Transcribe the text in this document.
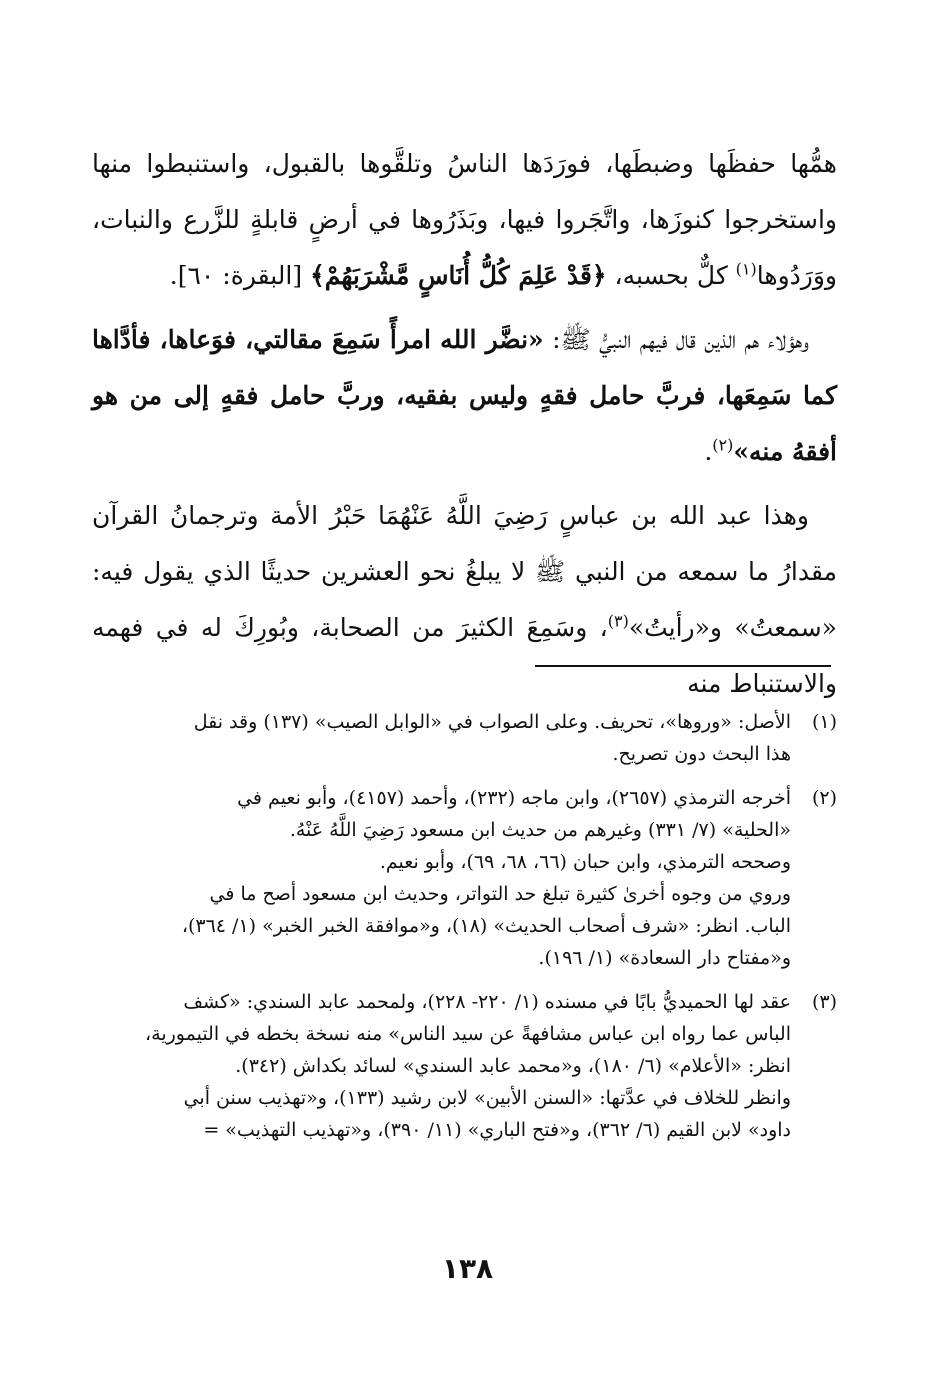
همُّها حفظَها وضبطَها، فورَدَها الناسُ وتلقَّوها بالقبول، واستنبطوا منها واستخرجوا كنوزَها، واتَّجَروا فيها، وبَذَرُوها في أرضٍ قابلةٍ للزَّرع والنبات، ووَرَدُوها$^{(١)}$ كلٌّ بحسبه، ﴿قَدْ عَلِمَ كُلُّ أُنَاسٍ مَّشْرَبَهُمْ﴾ [البقرة: ٦٠].

وهؤلاء هم الذين قال فيهم النبيُّ ﷺ: «نضَّر الله امرأً سَمِعَ مقالتي، فوَعاها، فأدَّاها كما سَمِعَها، فربَّ حامل فقهٍ وليس بفقيه، وربَّ حامل فقهٍ إلى من هو أفقهُ منه»$^{(٢)}$.

وهذا عبد الله بن عباسٍ رَضِيَ اللَّهُ عَنْهُمَا حَبْرُ الأمة وترجمانُ القرآن مقدارُ ما سمعه من النبي ﷺ لا يبلغُ نحو العشرين حديثًا الذي يقول فيه: «سمعتُ» و«رأيتُ»$^{(٣)}$، وسَمِعَ الكثيرَ من الصحابة، وبُورِكَ له في فهمه والاستنباط منه

(١)
الأصل: «وروها»، تحريف. وعلى الصواب في «الوابل الصيب» (١٣٧) وقد نقل
هذا البحث دون تصريح.
(٢)
أخرجه الترمذي (٢٦٥٧)، وابن ماجه (٢٣٢)، وأحمد (٤١٥٧)، وأبو نعيم في
«الحلية» (٧/ ٣٣١) وغيرهم من حديث ابن مسعود رَضِيَ اللَّهُ عَنْهُ.
وصححه الترمذي، وابن حبان (٦٦، ٦٨، ٦٩)، وأبو نعيم.
وروي من وجوه أخرىٰ كثيرة تبلغ حد التواتر، وحديث ابن مسعود أصح ما في
الباب. انظر: «شرف أصحاب الحديث» (١٨)، و«موافقة الخبر الخبر» (١/ ٣٦٤)،
و«مفتاح دار السعادة» (١/ ١٩٦).
(٣)
عقد لها الحميديُّ بابًا في مسنده (١/ ٢٢٠- ٢٢٨)، ولمحمد عابد السندي: «كشف
الباس عما رواه ابن عباس مشافهةً عن سيد الناس» منه نسخة بخطه في التيمورية،
انظر: «الأعلام» (٦/ ١٨٠)، و«محمد عابد السندي» لسائد بكداش (٣٤٢).
وانظر للخلاف في عدَّتها: «السنن الأبين» لابن رشيد (١٣٣)، و«تهذيب سنن أبي
داود» لابن القيم (٦/ ٣٦٢)، و«فتح الباري» (١١/ ٣٩٠)، و«تهذيب التهذيب» =
١٣٨
